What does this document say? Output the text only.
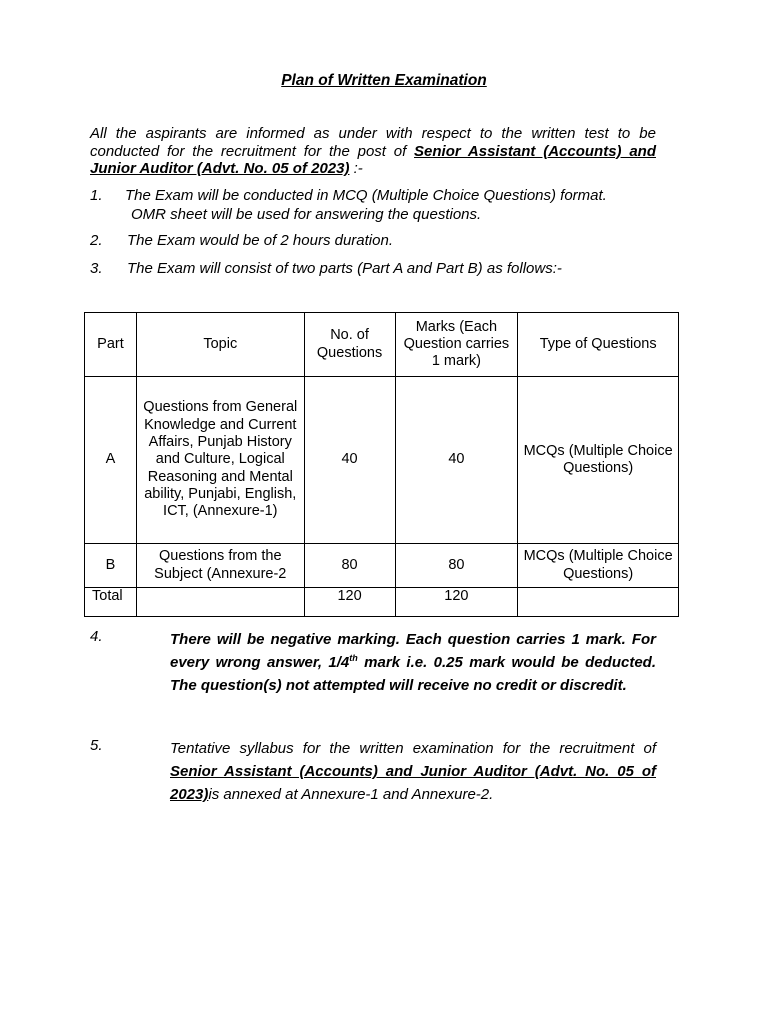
Plan of Written Examination
All the aspirants are informed as under with respect to the written test to be conducted for the recruitment for the post of Senior Assistant (Accounts) and Junior Auditor (Advt. No. 05 of 2023) :-
1. The Exam will be conducted in MCQ (Multiple Choice Questions) format.
OMR sheet will be used for answering the questions.
2. The Exam would be of 2 hours duration.
3. The Exam will consist of two parts (Part A and Part B) as follows:-
Part	Topic	No. of Questions	Marks (Each Question carries 1 mark)	Type of Questions
A	Questions from General Knowledge and Current Affairs, Punjab History and Culture, Logical Reasoning and Mental ability, Punjabi, English, ICT, (Annexure-1)	40	40	MCQs (Multiple Choice Questions)
B	Questions from the Subject (Annexure-2	80	80	MCQs (Multiple Choice Questions)
Total		120	120	
4.	There will be negative marking. Each question carries 1 mark. For every wrong answer, 1/4th mark i.e. 0.25 mark would be deducted. The question(s) not attempted will receive no credit or discredit.
5.	Tentative syllabus for the written examination for the recruitment of Senior Assistant (Accounts) and Junior Auditor (Advt. No. 05 of 2023)is annexed at Annexure-1 and Annexure-2.
